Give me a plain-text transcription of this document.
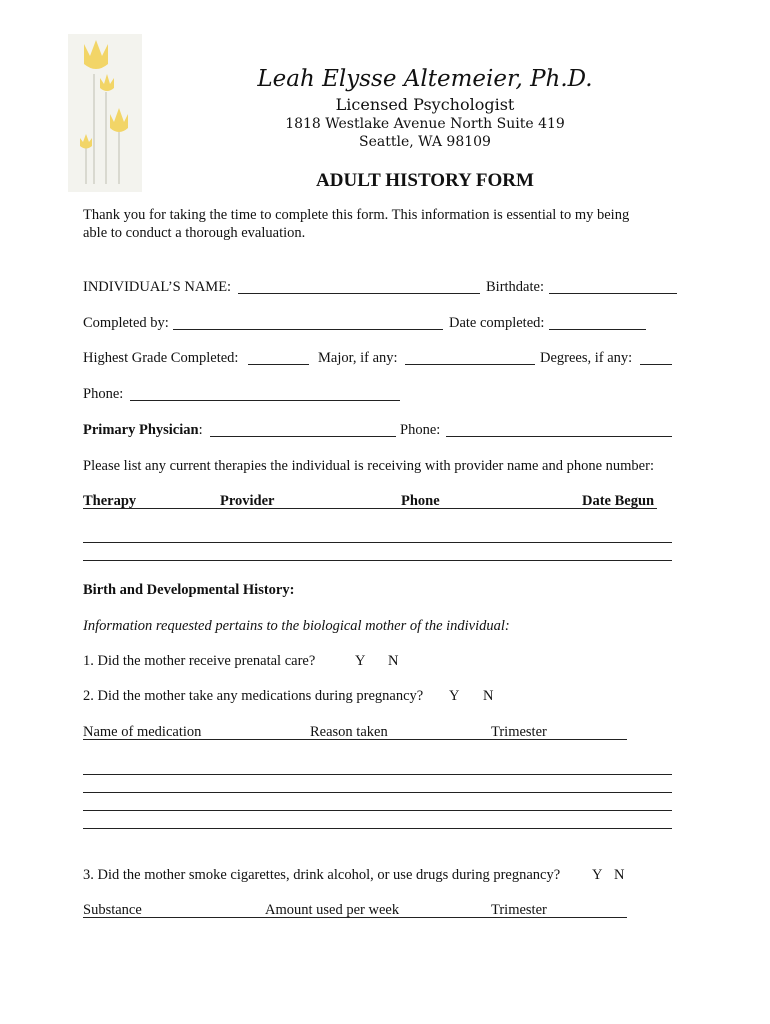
Leah Elysse Altemeier, Ph.D.
Licensed Psychologist
1818 Westlake Avenue North Suite 419
Seattle, WA 98109
ADULT HISTORY FORM
Thank you for taking the time to complete this form. This information is essential to my being
able to conduct a thorough evaluation.
INDIVIDUAL’S NAME:	Birthdate:
Completed by:	Date completed:
Highest Grade Completed:	Major, if any:	Degrees, if any:
Phone:
Primary Physician:	Phone:
Please list any current therapies the individual is receiving with provider name and phone number:
Therapy	Provider	Phone	Date Begun
Birth and Developmental History:
Information requested pertains to the biological mother of the individual:
1. Did the mother receive prenatal care?	Y N
2. Did the mother take any medications during pregnancy? Y N
Name of medication	Reason taken	Trimester
3. Did the mother smoke cigarettes, drink alcohol, or use drugs during pregnancy? Y N
Substance	Amount used per week	Trimester
